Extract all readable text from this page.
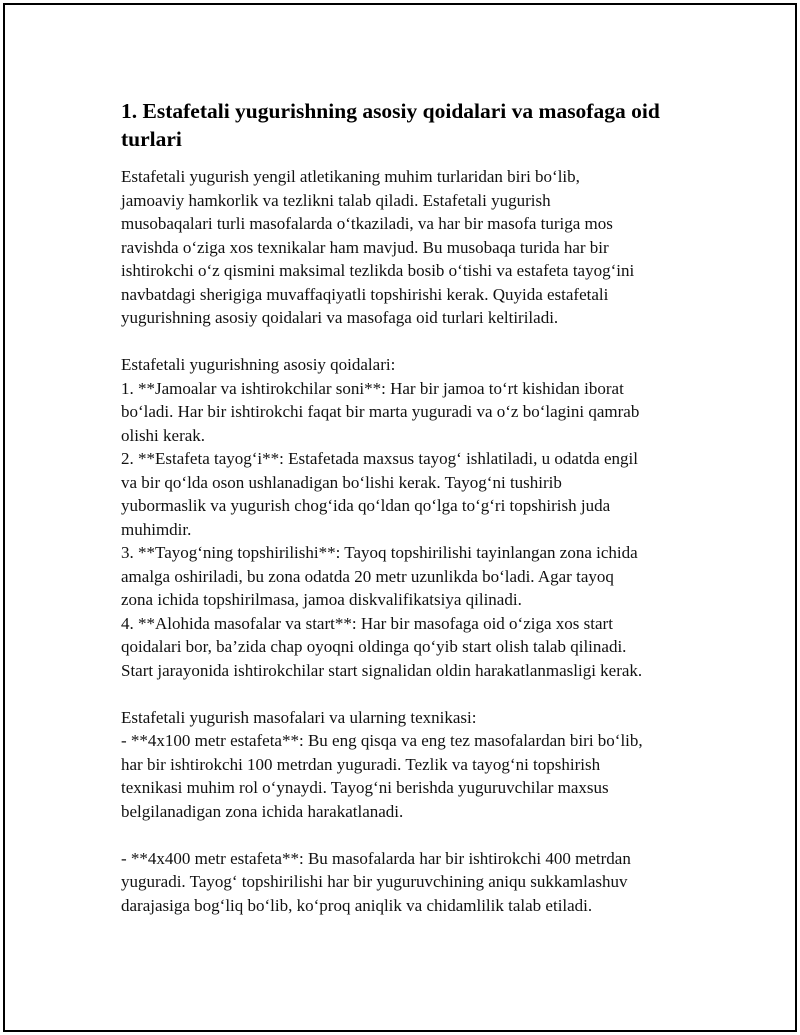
1. Estafetali yugurishning asosiy qoidalari va masofaga oid turlari

Estafetali yugurish yengil atletikaning muhim turlaridan biri boʻlib,
jamoaviy hamkorlik va tezlikni talab qiladi. Estafetali yugurish
musobaqalari turli masofalarda oʻtkaziladi, va har bir masofa turiga mos
ravishda oʻziga xos texnikalar ham mavjud. Bu musobaqa turida har bir
ishtirokchi oʻz qismini maksimal tezlikda bosib oʻtishi va estafeta tayogʻini
navbatdagi sherigiga muvaffaqiyatli topshirishi kerak. Quyida estafetali
yugurishning asosiy qoidalari va masofaga oid turlari keltiriladi.

Estafetali yugurishning asosiy qoidalari:
1. **Jamoalar va ishtirokchilar soni**: Har bir jamoa toʻrt kishidan iborat
boʻladi. Har bir ishtirokchi faqat bir marta yuguradi va oʻz boʻlagini qamrab
olishi kerak.
2. **Estafeta tayogʻi**: Estafetada maxsus tayogʻ ishlatiladi, u odatda engil
va bir qoʻlda oson ushlanadigan boʻlishi kerak. Tayogʻni tushirib
yubormaslik va yugurish chogʻida qoʻldan qoʻlga toʻgʻri topshirish juda
muhimdir.
3. **Tayogʻning topshirilishi**: Tayoq topshirilishi tayinlangan zona ichida
amalga oshiriladi, bu zona odatda 20 metr uzunlikda boʻladi. Agar tayoq
zona ichida topshirilmasa, jamoa diskvalifikatsiya qilinadi.
4. **Alohida masofalar va start**: Har bir masofaga oid oʻziga xos start
qoidalari bor, ba’zida chap oyoqni oldinga qoʻyib start olish talab qilinadi.
Start jarayonida ishtirokchilar start signalidan oldin harakatlanmasligi kerak.

Estafetali yugurish masofalari va ularning texnikasi:
- **4x100 metr estafeta**: Bu eng qisqa va eng tez masofalardan biri boʻlib,
har bir ishtirokchi 100 metrdan yuguradi. Tezlik va tayogʻni topshirish
texnikasi muhim rol oʻynaydi. Tayogʻni berishda yuguruvchilar maxsus
belgilanadigan zona ichida harakatlanadi.

- **4x400 metr estafeta**: Bu masofalarda har bir ishtirokchi 400 metrdan
yuguradi. Tayogʻ topshirilishi har bir yuguruvchining aniqu sukkamlashuv
darajasiga bogʻliq boʻlib, koʻproq aniqlik va chidamlilik talab etiladi.
